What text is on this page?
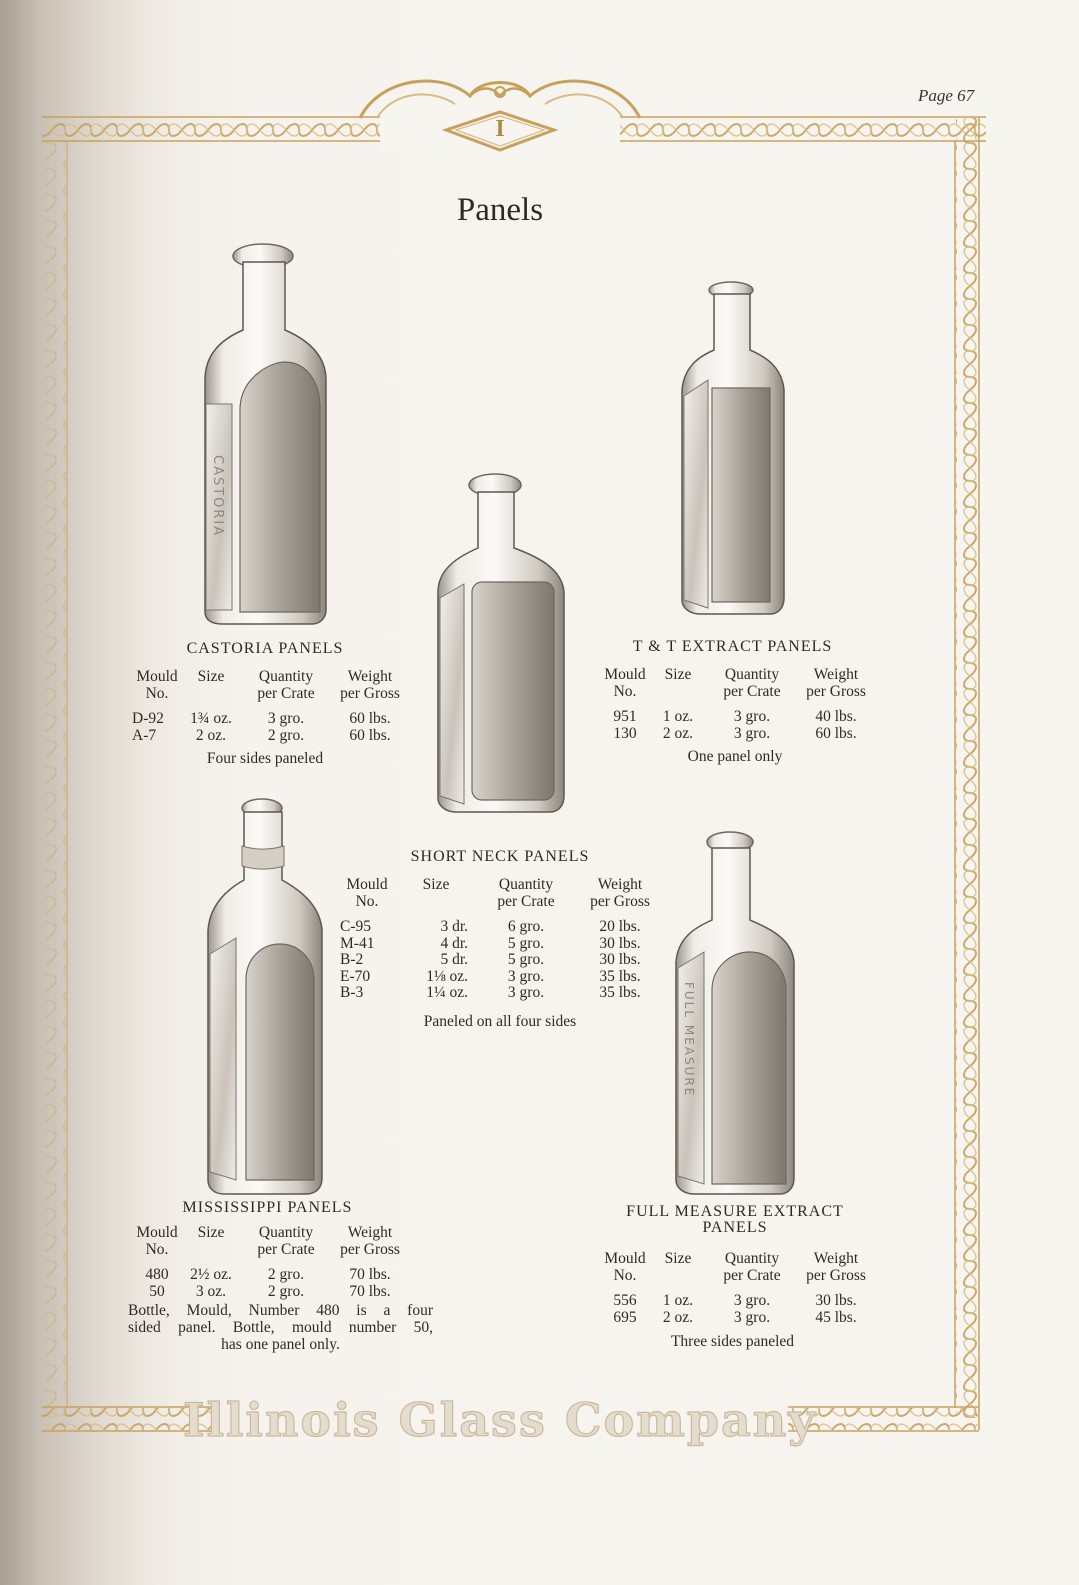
I
Page 67
Panels
CASTORIA
FULL MEASURE
CASTORIA PANELS
Mould	Size	Quantity	Weight
No.		per Crate	per Gross

D-92	1¾ oz.	3 gro.	60 lbs.
A-7	2 oz.	2 gro.	60 lbs.
Four sides paneled
T & T EXTRACT PANELS
Mould	Size	Quantity	Weight
No.		per Crate	per Gross

951	1 oz.	3 gro.	40 lbs.
130	2 oz.	3 gro.	60 lbs.
One panel only
SHORT NECK PANELS
Mould	Size	Quantity	Weight
No.		per Crate	per Gross

C-95	3 dr.	6 gro.	20 lbs.
M-41	4 dr.	5 gro.	30 lbs.
B-2	5 dr.	5 gro.	30 lbs.
E-70	1⅛ oz.	3 gro.	35 lbs.
B-3	1¼ oz.	3 gro.	35 lbs.
Paneled on all four sides
MISSISSIPPI PANELS
Mould	Size	Quantity	Weight
No.		per Crate	per Gross

480	2½ oz.	2 gro.	70 lbs.
50	3 oz.	2 gro.	70 lbs.
Bottle, Mould, Number 480 is a four
sided panel. Bottle, mould number 50,
has one panel only.
FULL MEASURE EXTRACT
PANELS
Mould	Size	Quantity	Weight
No.		per Crate	per Gross

556	1 oz.	3 gro.	30 lbs.
695	2 oz.	3 gro.	45 lbs.
Three sides paneled
Illinois Glass Company
